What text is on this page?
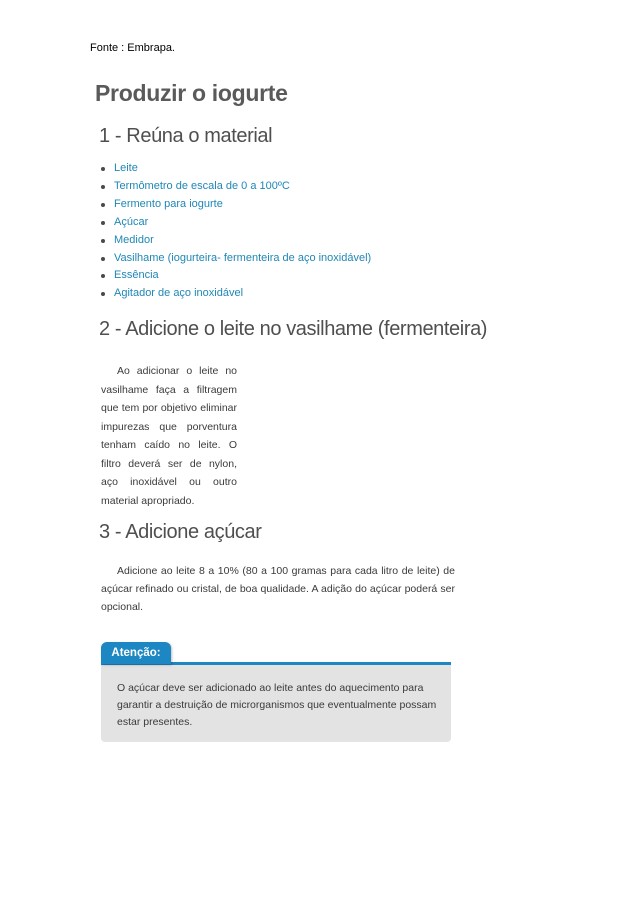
Fonte : Embrapa.
Produzir o iogurte
1 - Reúna o material
Leite
Termômetro de escala de 0 a 100ºC
Fermento para iogurte
Açúcar
Medidor
Vasilhame (iogurteira- fermenteira de aço inoxidável)
Essência
Agitador de aço inoxidável
2 - Adicione o leite no vasilhame (fermenteira)

Ao adicionar o leite no vasilhame faça a filtragem que tem por objetivo eliminar impurezas que porventura tenham caído no leite. O filtro deverá ser de nylon, aço inoxidável ou outro material apropriado.

3 - Adicione açúcar

Adicione ao leite 8 a 10% (80 a 100 gramas para cada litro de leite) de açúcar refinado ou cristal, de boa qualidade. A adição do açúcar poderá ser opcional.

Atenção:

O açúcar deve ser adicionado ao leite antes do aquecimento para garantir a destruição de microrganismos que eventualmente possam estar presentes.
